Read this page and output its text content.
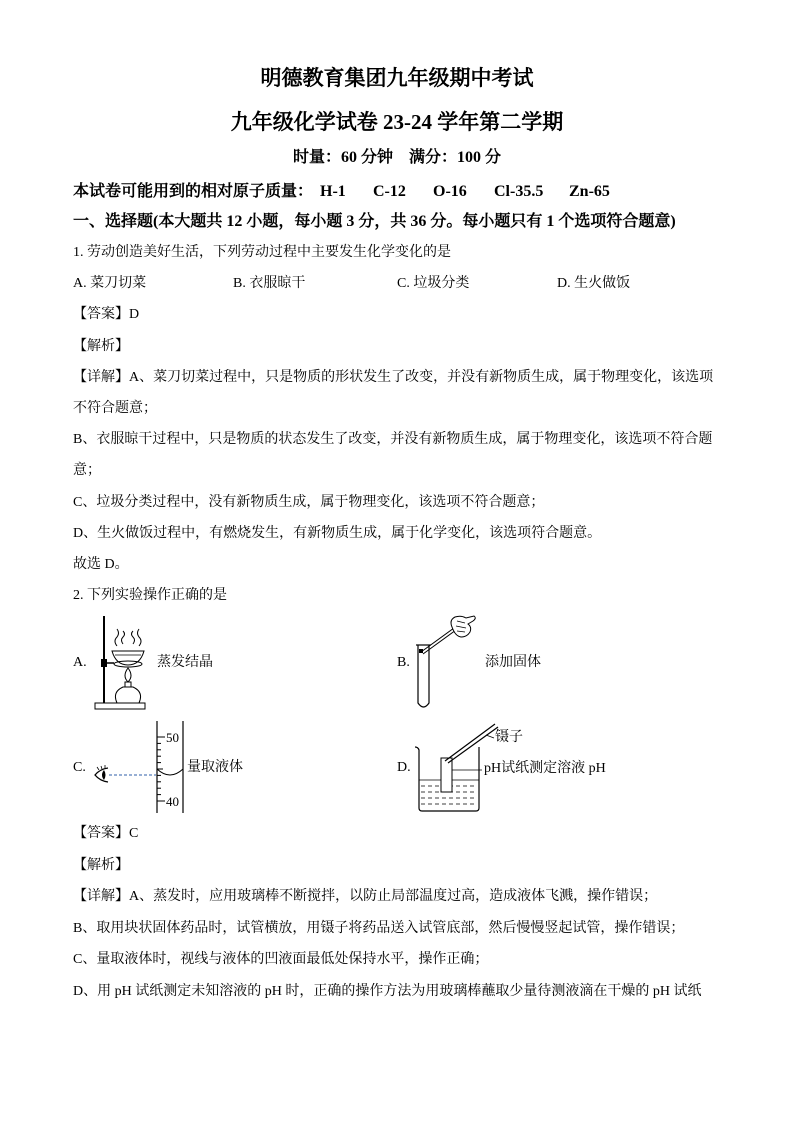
明德教育集团九年级期中考试
九年级化学试卷 23-24 学年第二学期
时量：60 分钟　满分：100 分
本试卷可能用到的相对原子质量： H-1 C-12 O-16 Cl-35.5 Zn-65
一、选择题(本大题共 12 小题，每小题 3 分，共 36 分。每小题只有 1 个选项符合题意)
1. 劳动创造美好生活，下列劳动过程中主要发生化学变化的是
A. 菜刀切菜	B. 衣服晾干	C. 垃圾分类	D. 生火做饭
【答案】D
【解析】
【详解】A、菜刀切菜过程中，只是物质的形状发生了改变，并没有新物质生成，属于物理变化，该选项
不符合题意；
B、衣服晾干过程中，只是物质的状态发生了改变，并没有新物质生成，属于物理变化，该选项不符合题
意；
C、垃圾分类过程中，没有新物质生成，属于物理变化，该选项不符合题意；
D、生火做饭过程中，有燃烧发生，有新物质生成，属于化学变化，该选项符合题意。
故选 D。
2. 下列实验操作正确的是
A.	蒸发结晶	B.	添加固体
C.
50
40
量取液体	D.
镊子
pH试纸测定溶液 pH
【答案】C
【解析】
【详解】A、蒸发时，应用玻璃棒不断搅拌，以防止局部温度过高，造成液体飞溅，操作错误；
B、取用块状固体药品时，试管横放，用镊子将药品送入试管底部，然后慢慢竖起试管，操作错误；
C、量取液体时，视线与液体的凹液面最低处保持水平，操作正确；
D、用 pH 试纸测定未知溶液的 pH 时，正确的操作方法为用玻璃棒蘸取少量待测液滴在干燥的 pH 试纸
